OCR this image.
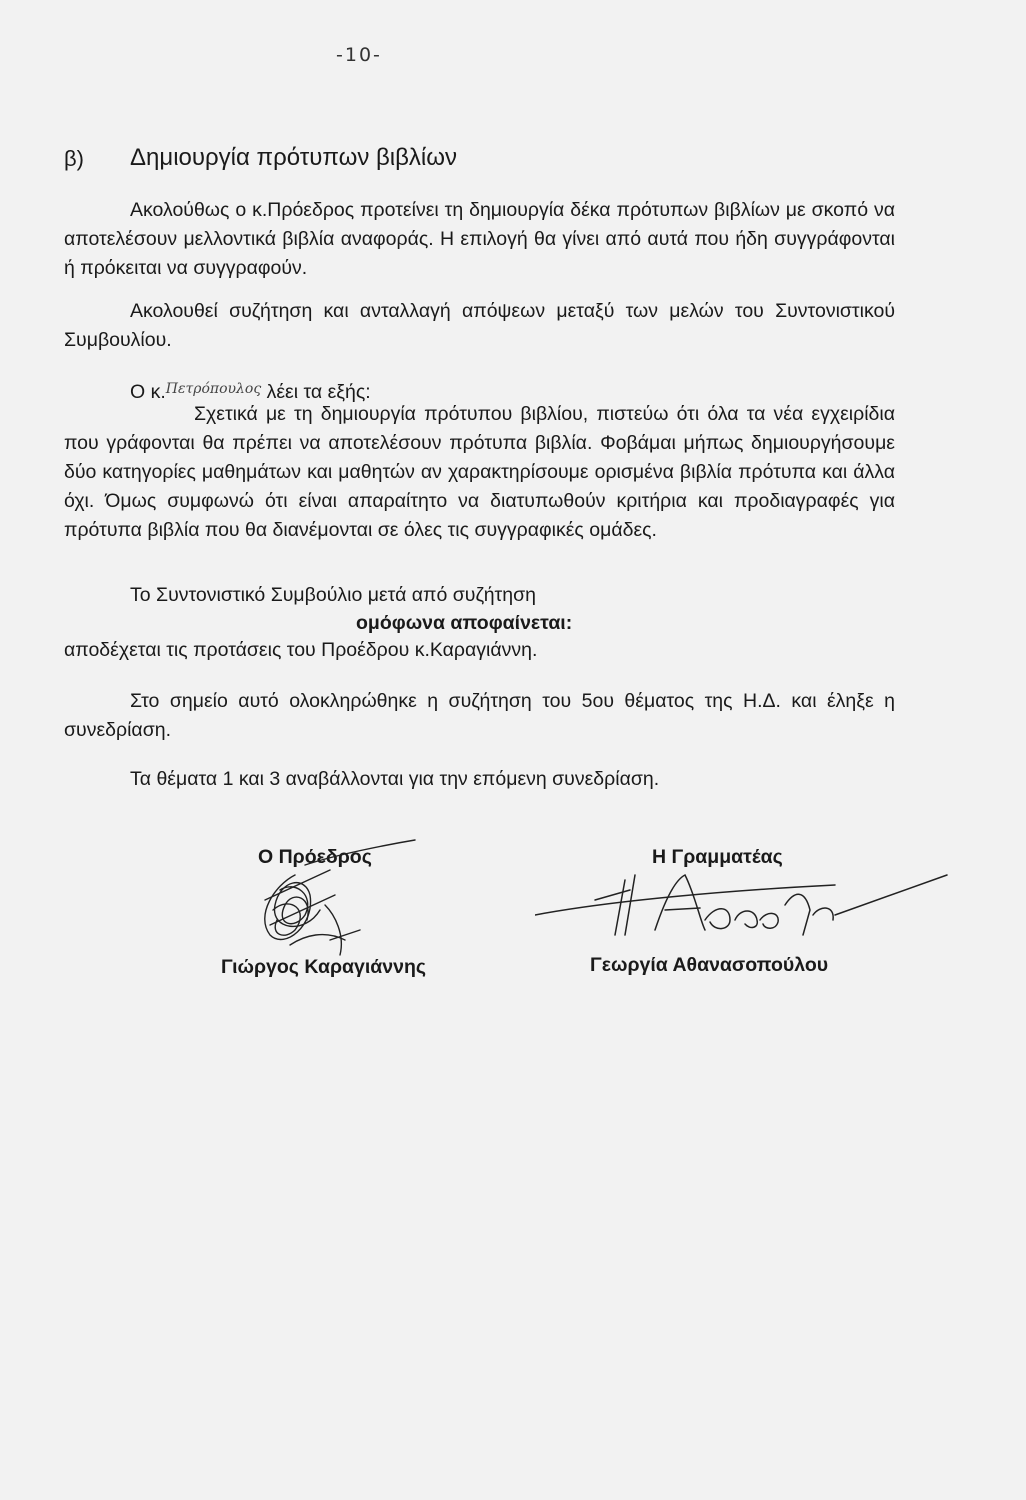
-10-
β) Δημιουργία πρότυπων βιβλίων

Ακολούθως ο κ.Πρόεδρος προτείνει τη δημιουργία δέκα πρότυπων βιβλίων με σκοπό να αποτελέσουν μελλοντικά βιβλία αναφοράς. Η επιλογή θα γίνει από αυτά που ήδη συγγράφονται ή πρόκειται να συγγραφούν.

Ακολουθεί συζήτηση και ανταλλαγή απόψεων μεταξύ των μελών του Συντονιστικού Συμβουλίου.

Ο κ.$^{\Pi\varepsilon\tau\rho ό\pi o\upsilon\lambda o\varsigma}$ λέει τα εξής:

Σχετικά με τη δημιουργία πρότυπου βιβλίου, πιστεύω ότι όλα τα νέα εγχειρίδια που γράφονται θα πρέπει να αποτελέσουν πρότυπα βιβλία. Φοβάμαι μήπως δημιουργήσουμε δύο κατηγορίες μαθημάτων και μαθητών αν χαρακτηρίσουμε ορισμένα βιβλία πρότυπα και άλλα όχι. Όμως συμφωνώ ότι είναι απαραίτητο να διατυπωθούν κριτήρια και προδιαγραφές για πρότυπα βιβλία που θα διανέμονται σε όλες τις συγγραφικές ομάδες.

Το Συντονιστικό Συμβούλιο μετά από συζήτηση
ομόφωνα αποφαίνεται:
αποδέχεται τις προτάσεις του Προέδρου κ.Καραγιάννη.

Στο σημείο αυτό ολοκληρώθηκε η συζήτηση του 5ου θέματος της Η.Δ. και έληξε η συνεδρίαση.

Τα θέματα 1 και 3 αναβάλλονται για την επόμενη συνεδρίαση.
Ο Πρόεδρος	Η Γραμματέας
Γιώργος Καραγιάννης	Γεωργία Αθανασοπούλου
